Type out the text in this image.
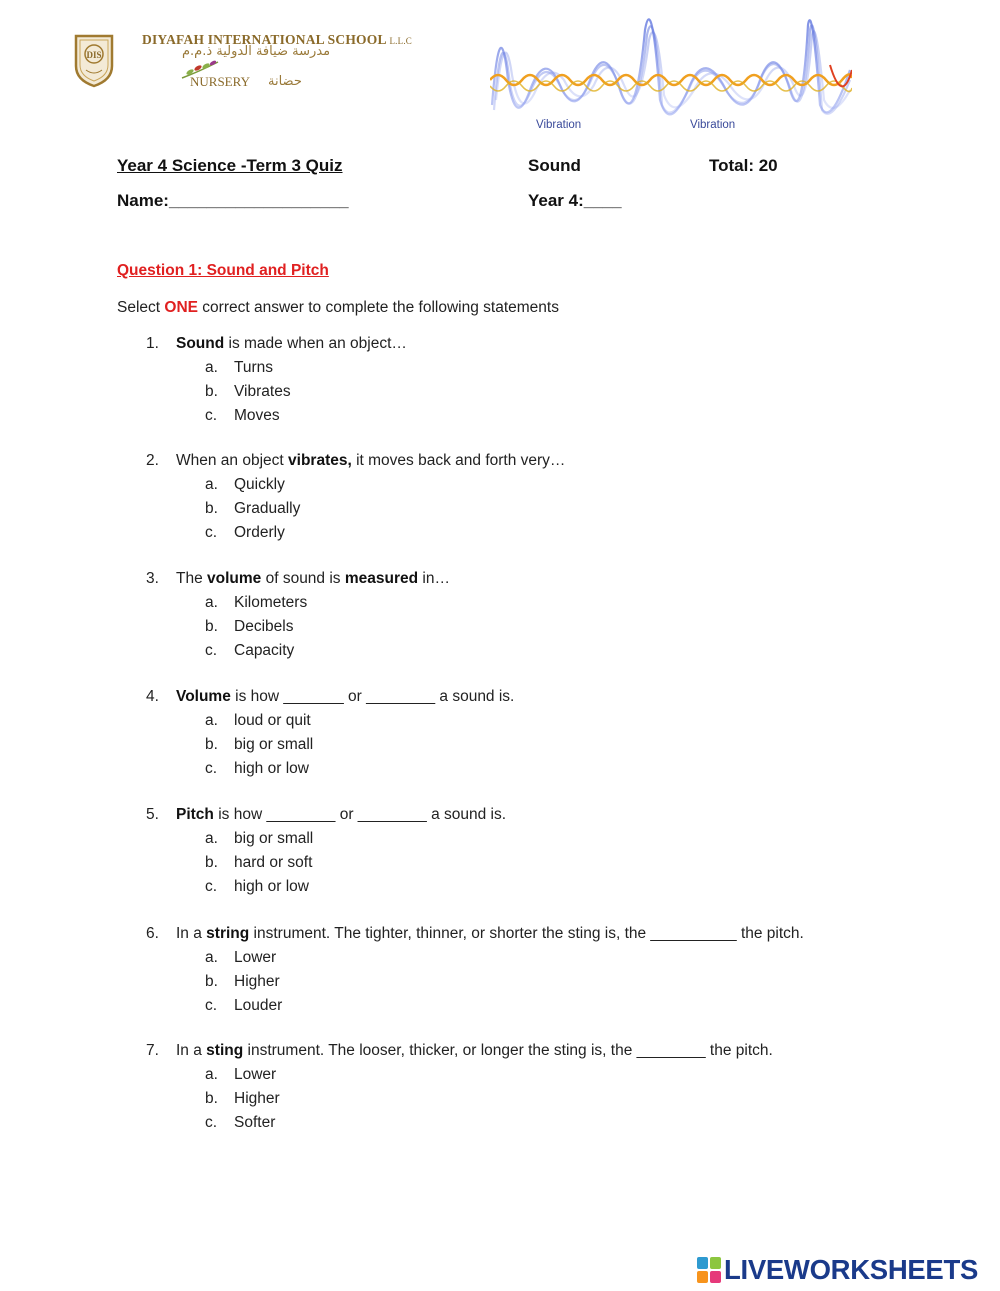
DIS
DIYAFAH INTERNATIONAL SCHOOL L.L.C
مدرسة ضيافة الدولية ذ.م.م
NURSERY حضانة
Vibration	Vibration
Year 4 Science -Term 3 Quiz	Sound	Total: 20
Name:___________________	Year 4:____
Question 1: Sound and Pitch
Select ONE correct answer to complete the following statements
1.	Sound is made when an object…
a. Turns
b. Vibrates
c. Moves
2.	When an object vibrates, it moves back and forth very…
a. Quickly
b. Gradually
c. Orderly
3.	The volume of sound is measured in…
a. Kilometers
b. Decibels
c. Capacity
4.	Volume is how _______ or ________ a sound is.
a. loud or quit
b. big or small
c. high or low
5.	Pitch is how ________ or ________ a sound is.
a. big or small
b. hard or soft
c. high or low
6.	In a string instrument. The tighter, thinner, or shorter the sting is, the __________ the pitch.
a. Lower
b. Higher
c. Louder
7.	In a sting instrument. The looser, thicker, or longer the sting is, the ________ the pitch.
a. Lower
b. Higher
c. Softer
LIVEWORKSHEETS
